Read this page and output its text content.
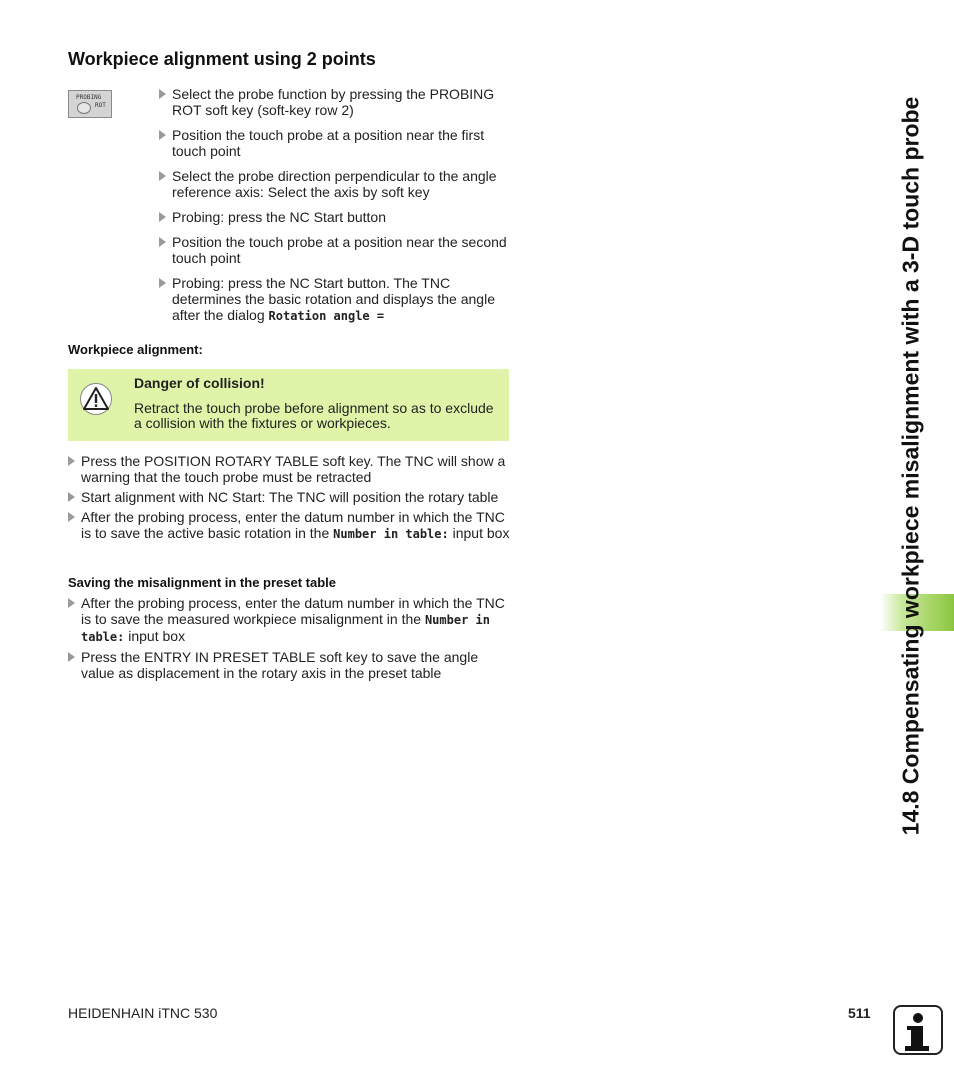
Workpiece alignment using 2 points
PROBING
ROT
Select the probe function by pressing the PROBING ROT soft key (soft-key row 2)
Position the touch probe at a position near the first touch point
Select the probe direction perpendicular to the angle reference axis: Select the axis by soft key
Probing: press the NC Start button
Position the touch probe at a position near the second touch point
Probing: press the NC Start button. The TNC determines the basic rotation and displays the angle after the dialog Rotation angle =
Workpiece alignment:
Danger of collision!
Retract the touch probe before alignment so as to exclude a collision with the fixtures or workpieces.
Press the POSITION ROTARY TABLE soft key. The TNC will show a warning that the touch probe must be retracted
Start alignment with NC Start: The TNC will position the rotary table
After the probing process, enter the datum number in which the TNC is to save the active basic rotation in the Number in table: input box
Saving the misalignment in the preset table
After the probing process, enter the datum number in which the TNC is to save the measured workpiece misalignment in the Number in table: input box
Press the ENTRY IN PRESET TABLE soft key to save the angle value as displacement in the rotary axis in the preset table	14.8 Compensating workpiece misalignment with a 3-D touch probe
HEIDENHAIN iTNC 530	511
